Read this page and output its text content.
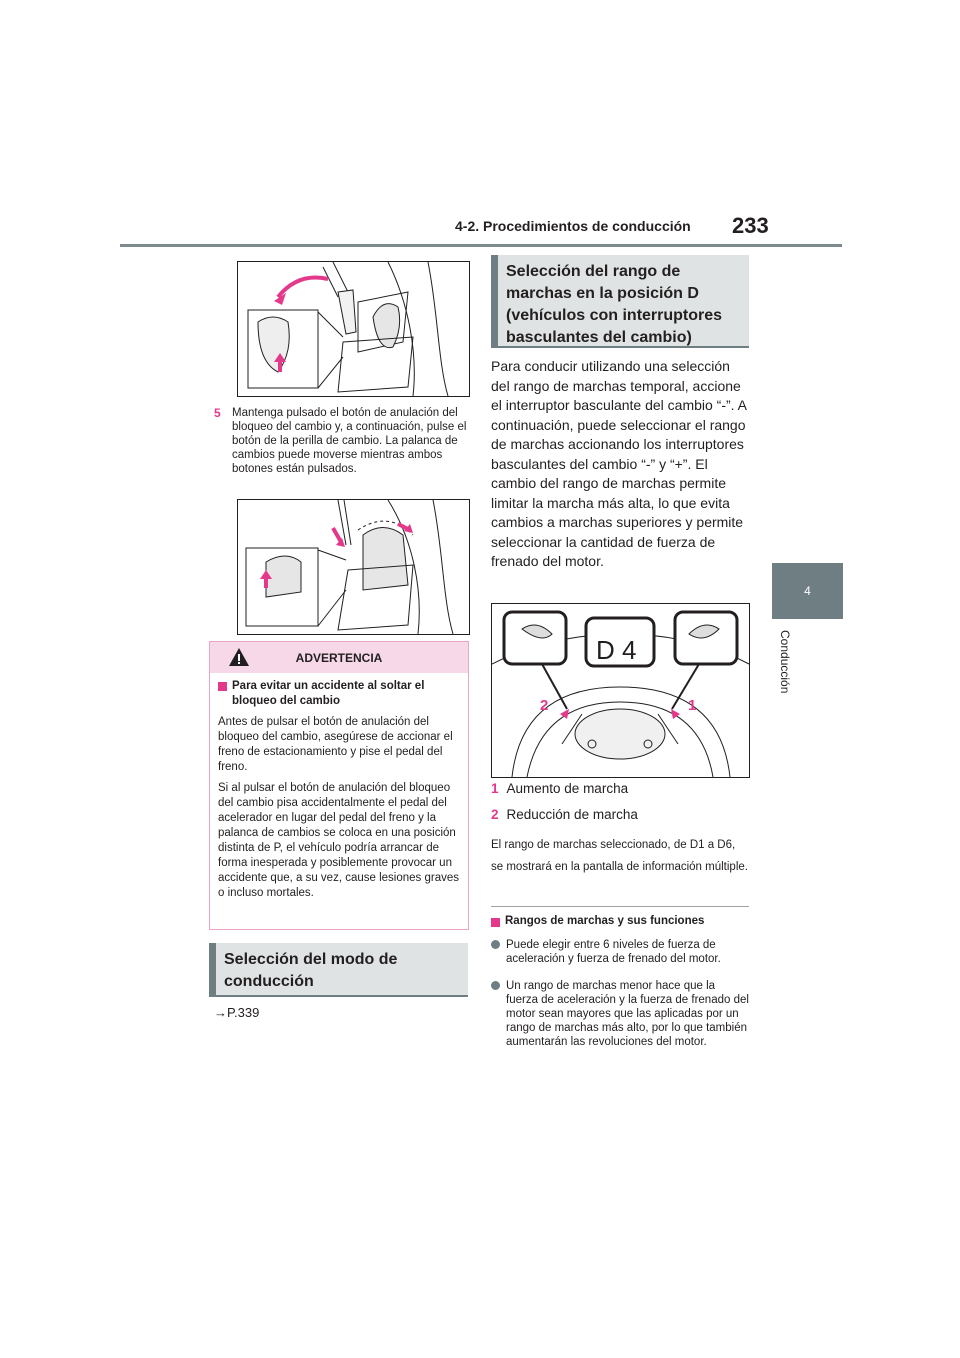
4-2. Procedimientos de conducción 233
4
Conducción
5 Mantenga pulsado el botón de anulación del bloqueo del cambio y, a continuación, pulse el botón de la perilla de cambio. La palanca de cambios puede moverse mientras ambos botones están pulsados.
ADVERTENCIA
Para evitar un accidente al soltar el bloqueo del cambio

Antes de pulsar el botón de anulación del bloqueo del cambio, asegúrese de accionar el freno de estacionamiento y pise el pedal del freno.

Si al pulsar el botón de anulación del bloqueo del cambio pisa accidentalmente el pedal del acelerador en lugar del pedal del freno y la palanca de cambios se coloca en una posición distinta de P, el vehículo podría arrancar de forma inesperada y posiblemente provocar un accidente que, a su vez, cause lesiones graves o incluso mortales.

Selección del modo de conducción
→P.339
Selección del rango de marchas en la posición D (vehículos con interruptores basculantes del cambio)
Para conducir utilizando una selección del rango de marchas temporal, accione el interruptor basculante del cambio “-”. A continuación, puede seleccionar el rango de marchas accionando los interruptores basculantes del cambio “-” y “+”. El cambio del rango de marchas permite limitar la marcha más alta, lo que evita cambios a marchas superiores y permite seleccionar la cantidad de fuerza de frenado del motor.
D 4
2	1
1 Aumento de marcha
2 Reducción de marcha
El rango de marchas seleccionado, de D1 a D6, se mostrará en la pantalla de información múltiple.
Rangos de marchas y sus funciones
Puede elegir entre 6 niveles de fuerza de aceleración y fuerza de frenado del motor.
Un rango de marchas menor hace que la fuerza de aceleración y la fuerza de frenado del motor sean mayores que las aplicadas por un rango de marchas más alto, por lo que también aumentarán las revoluciones del motor.
